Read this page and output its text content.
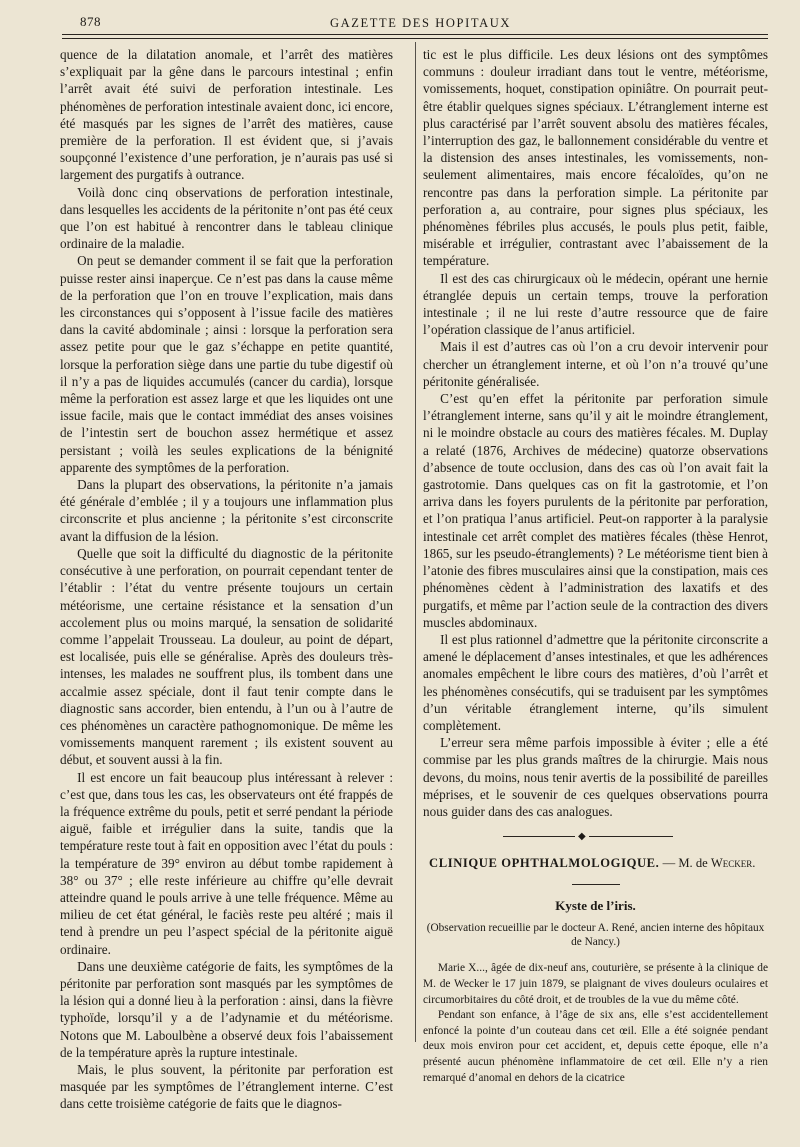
878	GAZETTE DES HOPITAUX

quence de la dilatation anomale, et l’arrêt des matières s’expliquait par la gêne dans le parcours intestinal ; enfin l’arrêt avait été suivi de perforation intestinale. Les phénomènes de perforation intestinale avaient donc, ici encore, été masqués par les signes de l’arrêt des matières, cause première de la perforation. Il est évident que, si j’avais soupçonné l’existence d’une perforation, je n’aurais pas usé si largement des purgatifs à outrance.

Voilà donc cinq observations de perforation intestinale, dans lesquelles les accidents de la péritonite n’ont pas été ceux que l’on est habitué à rencontrer dans le tableau clinique ordinaire de la maladie.

On peut se demander comment il se fait que la perforation puisse rester ainsi inaperçue. Ce n’est pas dans la cause même de la perforation que l’on en trouve l’explication, mais dans les circonstances qui s’opposent à l’issue facile des matières dans la cavité abdominale ; ainsi : lorsque la perforation sera assez petite pour que le gaz s’échappe en petite quantité, lorsque la perforation siège dans une partie du tube digestif où il n’y a pas de liquides accumulés (cancer du cardia), lorsque même la perforation est assez large et que les liquides ont une issue facile, mais que le contact immédiat des anses voisines de l’intestin sert de bouchon assez hermétique et assez persistant ; voilà les seules explications de la bénignité apparente des symptômes de la perforation.

Dans la plupart des observations, la péritonite n’a jamais été générale d’emblée ; il y a toujours une inflammation plus circonscrite et plus ancienne ; la péritonite s’est circonscrite avant la diffusion de la lésion.

Quelle que soit la difficulté du diagnostic de la péritonite consécutive à une perforation, on pourrait cependant tenter de l’établir : l’état du ventre présente toujours un certain météorisme, une certaine résistance et la sensation d’un accolement plus ou moins marqué, la sensation de solidarité comme l’appelait Trousseau. La douleur, au point de départ, est localisée, puis elle se généralise. Après des douleurs très-intenses, les malades ne souffrent plus, ils tombent dans une accalmie assez spéciale, dont il faut tenir compte dans le diagnostic sans accorder, bien entendu, à l’un ou à l’autre de ces phénomènes un caractère pathognomonique. De même les vomissements manquent rarement ; ils existent souvent au début, et souvent aussi à la fin.

Il est encore un fait beaucoup plus intéressant à relever : c’est que, dans tous les cas, les observateurs ont été frappés de la fréquence extrême du pouls, petit et serré pendant la période aiguë, faible et irrégulier dans la suite, tandis que la température reste tout à fait en opposition avec l’état du pouls : la température de 39° environ au début tombe rapidement à 38° ou 37° ; elle reste inférieure au chiffre qu’elle devrait atteindre quand le pouls arrive à une telle fréquence. Même au milieu de cet état général, le faciès reste peu altéré ; mais il tend à prendre un peu l’aspect spécial de la péritonite aiguë ordinaire.

Dans une deuxième catégorie de faits, les symptômes de la péritonite par perforation sont masqués par les symptômes de la lésion qui a donné lieu à la perforation : ainsi, dans la fièvre typhoïde, lorsqu’il y a de l’adynamie et du météorisme. Notons que M. Laboulbène a observé deux fois l’abaissement de la température après la rupture intestinale.

Mais, le plus souvent, la péritonite par perforation est masquée par les symptômes de l’étranglement interne. C’est dans cette troisième catégorie de faits que le diagnos-

tic est le plus difficile. Les deux lésions ont des symptômes communs : douleur irradiant dans tout le ventre, météorisme, vomissements, hoquet, constipation opiniâtre. On pourrait peut-être établir quelques signes spéciaux. L’étranglement interne est plus caractérisé par l’arrêt souvent absolu des matières fécales, l’interruption des gaz, le ballonnement considérable du ventre et la distension des anses intestinales, les vomissements, non-seulement alimentaires, mais encore fécaloïdes, qu’on ne rencontre pas dans la perforation simple. La péritonite par perforation a, au contraire, pour signes plus spéciaux, les phénomènes fébriles plus accusés, le pouls plus petit, faible, misérable et irrégulier, contrastant avec l’abaissement de la température.

Il est des cas chirurgicaux où le médecin, opérant une hernie étranglée depuis un certain temps, trouve la perforation intestinale ; il ne lui reste d’autre ressource que de faire l’opération classique de l’anus artificiel.

Mais il est d’autres cas où l’on a cru devoir intervenir pour chercher un étranglement interne, et où l’on n’a trouvé qu’une péritonite généralisée.

C’est qu’en effet la péritonite par perforation simule l’étranglement interne, sans qu’il y ait le moindre étranglement, ni le moindre obstacle au cours des matières fécales. M. Duplay a relaté (1876, Archives de médecine) quatorze observations d’absence de toute occlusion, dans des cas où l’on avait fait la gastrotomie. Dans quelques cas on fit la gastrotomie, et l’on arriva dans les foyers purulents de la péritonite par perforation, et l’on pratiqua l’anus artificiel. Peut-on rapporter à la paralysie intestinale cet arrêt complet des matières fécales (thèse Henrot, 1865, sur les pseudo-étranglements) ? Le météorisme tient bien à l’atonie des fibres musculaires ainsi que la constipation, mais ces phénomènes cèdent à l’administration des laxatifs et des purgatifs, et même par l’action seule de la contraction des divers muscles abdominaux.

Il est plus rationnel d’admettre que la péritonite circonscrite a amené le déplacement d’anses intestinales, et que les adhérences anomales empêchent le libre cours des matières, d’où l’arrêt et les phénomènes consécutifs, qui se traduisent par les symptômes d’un véritable étranglement interne, qu’ils simulent complètement.

L’erreur sera même parfois impossible à éviter ; elle a été commise par les plus grands maîtres de la chirurgie. Mais nous devons, du moins, nous tenir avertis de la possibilité de pareilles méprises, et le souvenir de ces quelques observations pourra nous guider dans des cas analogues.

◆
CLINIQUE OPHTHALMOLOGIQUE. — M. de Wecker.
Kyste de l’iris.
(Observation recueillie par le docteur A. René, ancien interne des hôpitaux de Nancy.)

Marie X..., âgée de dix-neuf ans, couturière, se présente à la clinique de M. de Wecker le 17 juin 1879, se plaignant de vives douleurs oculaires et circumorbitaires du côté droit, et de troubles de la vue du même côté.

Pendant son enfance, à l’âge de six ans, elle s’est accidentellement enfoncé la pointe d’un couteau dans cet œil. Elle a été soignée pendant deux mois environ pour cet accident, et, depuis cette époque, elle n’a présenté aucun phénomène inflammatoire de cet œil. Elle n’y a rien remarqué d’anomal en dehors de la cicatrice
